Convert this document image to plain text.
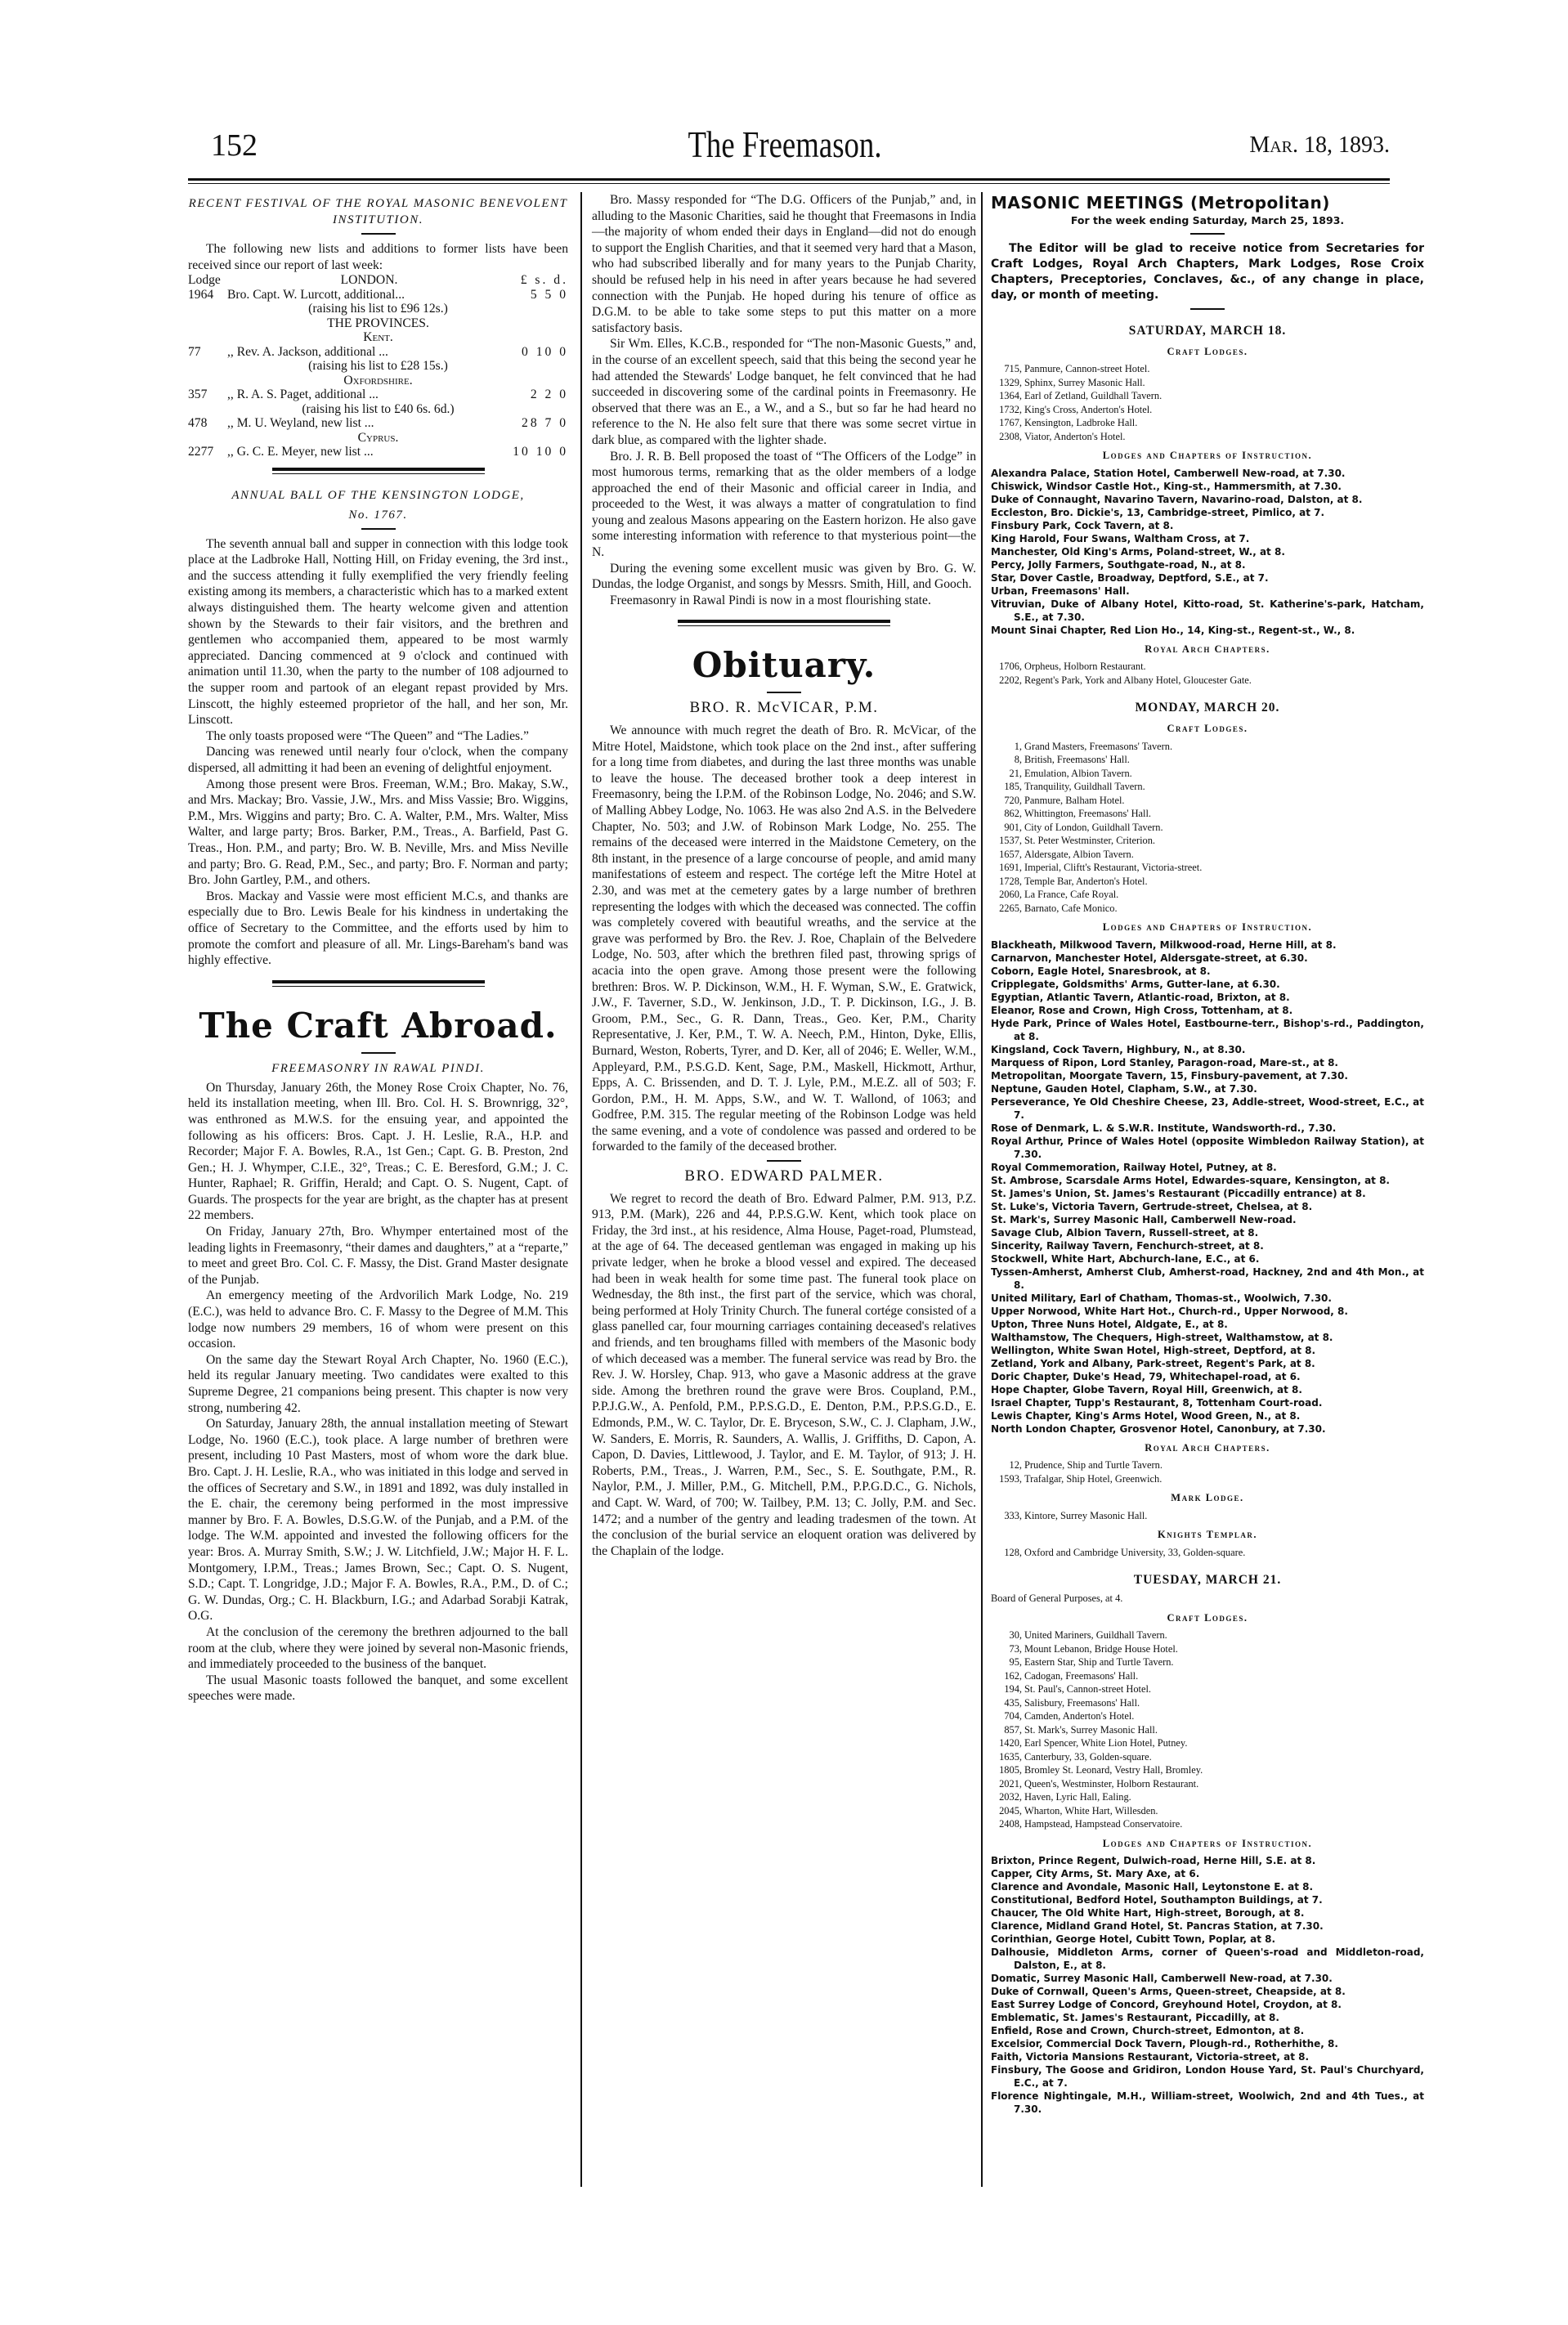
152	The Freemason.	Mar. 18, 1893.
RECENT FESTIVAL OF THE ROYAL MASONIC BENEVOLENT INSTITUTION.

The following new lists and additions to former lists have been received since our report of last week:

Lodge	LONDON.	£ s. d.
1964	Bro. Capt. W. Lurcott, additional...	5 5 0
(raising his list to £96 12s.)
THE PROVINCES.
Kent.
77	,, Rev. A. Jackson, additional ...	0 10 0
(raising his list to £28 15s.)
Oxfordshire.
357	,, R. A. S. Paget, additional ...	2 2 0
(raising his list to £40 6s. 6d.)
478	,, M. U. Weyland, new list ...	28 7 0
Cyprus.
2277	,, G. C. E. Meyer, new list ...	10 10 0
ANNUAL BALL OF THE KENSINGTON LODGE,
No. 1767.

The seventh annual ball and supper in connection with this lodge took place at the Ladbroke Hall, Notting Hill, on Friday evening, the 3rd inst., and the success attending it fully exemplified the very friendly feeling existing among its members, a characteristic which has to a marked extent always distinguished them. The hearty welcome given and attention shown by the Stewards to their fair visitors, and the brethren and gentlemen who accompanied them, appeared to be most warmly appreciated. Dancing commenced at 9 o'clock and continued with animation until 11.30, when the party to the number of 108 adjourned to the supper room and partook of an elegant repast provided by Mrs. Linscott, the highly esteemed proprietor of the hall, and her son, Mr. Linscott.

The only toasts proposed were “The Queen” and “The Ladies.”

Dancing was renewed until nearly four o'clock, when the company dispersed, all admitting it had been an evening of delightful enjoyment.

Among those present were Bros. Freeman, W.M.; Bro. Makay, S.W., and Mrs. Mackay; Bro. Vassie, J.W., Mrs. and Miss Vassie; Bro. Wiggins, P.M., Mrs. Wiggins and party; Bro. C. A. Walter, P.M., Mrs. Walter, Miss Walter, and large party; Bros. Barker, P.M., Treas., A. Barfield, Past G. Treas., Hon. P.M., and party; Bro. W. B. Neville, Mrs. and Miss Neville and party; Bro. G. Read, P.M., Sec., and party; Bro. F. Norman and party; Bro. John Gartley, P.M., and others.

Bros. Mackay and Vassie were most efficient M.C.s, and thanks are especially due to Bro. Lewis Beale for his kindness in undertaking the office of Secretary to the Committee, and the efforts used by him to promote the comfort and pleasure of all. Mr. Lings-Bareham's band was highly effective.

The Craft Abroad.
FREEMASONRY IN RAWAL PINDI.

On Thursday, January 26th, the Money Rose Croix Chapter, No. 76, held its installation meeting, when Ill. Bro. Col. H. S. Brownrigg, 32°, was enthroned as M.W.S. for the ensuing year, and appointed the following as his officers: Bros. Capt. J. H. Leslie, R.A., H.P. and Recorder; Major F. A. Bowles, R.A., 1st Gen.; Capt. G. B. Preston, 2nd Gen.; H. J. Whymper, C.I.E., 32°, Treas.; C. E. Beresford, G.M.; J. C. Hunter, Raphael; R. Griffin, Herald; and Capt. O. S. Nugent, Capt. of Guards. The prospects for the year are bright, as the chapter has at present 22 members.

On Friday, January 27th, Bro. Whymper entertained most of the leading lights in Freemasonry, “their dames and daughters,” at a “reparte,” to meet and greet Bro. Col. C. F. Massy, the Dist. Grand Master designate of the Punjab.

An emergency meeting of the Ardvorilich Mark Lodge, No. 219 (E.C.), was held to advance Bro. C. F. Massy to the Degree of M.M. This lodge now numbers 29 members, 16 of whom were present on this occasion.

On the same day the Stewart Royal Arch Chapter, No. 1960 (E.C.), held its regular January meeting. Two candidates were exalted to this Supreme Degree, 21 companions being present. This chapter is now very strong, numbering 42.

On Saturday, January 28th, the annual installation meeting of Stewart Lodge, No. 1960 (E.C.), took place. A large number of brethren were present, including 10 Past Masters, most of whom wore the dark blue. Bro. Capt. J. H. Leslie, R.A., who was initiated in this lodge and served in the offices of Secretary and S.W., in 1891 and 1892, was duly installed in the E. chair, the ceremony being performed in the most impressive manner by Bro. F. A. Bowles, D.S.G.W. of the Punjab, and a P.M. of the lodge. The W.M. appointed and invested the following officers for the year: Bros. A. Murray Smith, S.W.; J. W. Litchfield, J.W.; Major H. F. L. Montgomery, I.P.M., Treas.; James Brown, Sec.; Capt. O. S. Nugent, S.D.; Capt. T. Longridge, J.D.; Major F. A. Bowles, R.A., P.M., D. of C.; G. W. Dundas, Org.; C. H. Blackburn, I.G.; and Adarbad Sorabji Katrak, O.G.

At the conclusion of the ceremony the brethren adjourned to the ball room at the club, where they were joined by several non-Masonic friends, and immediately proceeded to the business of the banquet.

The usual Masonic toasts followed the banquet, and some excellent speeches were made.

Bro. Massy responded for “The D.G. Officers of the Punjab,” and, in alluding to the Masonic Charities, said he thought that Freemasons in India—the majority of whom ended their days in England—did not do enough to support the English Charities, and that it seemed very hard that a Mason, who had subscribed liberally and for many years to the Punjab Charity, should be refused help in his need in after years because he had severed connection with the Punjab. He hoped during his tenure of office as D.G.M. to be able to take some steps to put this matter on a more satisfactory basis.

Sir Wm. Elles, K.C.B., responded for “The non-Masonic Guests,” and, in the course of an excellent speech, said that this being the second year he had attended the Stewards' Lodge banquet, he felt convinced that he had succeeded in discovering some of the cardinal points in Freemasonry. He observed that there was an E., a W., and a S., but so far he had heard no reference to the N. He also felt sure that there was some secret virtue in dark blue, as compared with the lighter shade.

Bro. J. R. B. Bell proposed the toast of “The Officers of the Lodge” in most humorous terms, remarking that as the older members of a lodge approached the end of their Masonic and official career in India, and proceeded to the West, it was always a matter of congratulation to find young and zealous Masons appearing on the Eastern horizon. He also gave some interesting information with reference to that mysterious point—the N.

During the evening some excellent music was given by Bro. G. W. Dundas, the lodge Organist, and songs by Messrs. Smith, Hill, and Gooch.

Freemasonry in Rawal Pindi is now in a most flourishing state.

Obituary.
BRO. R. McVICAR, P.M.

We announce with much regret the death of Bro. R. McVicar, of the Mitre Hotel, Maidstone, which took place on the 2nd inst., after suffering for a long time from diabetes, and during the last three months was unable to leave the house. The deceased brother took a deep interest in Freemasonry, being the I.P.M. of the Robinson Lodge, No. 2046; and S.W. of Malling Abbey Lodge, No. 1063. He was also 2nd A.S. in the Belvedere Chapter, No. 503; and J.W. of Robinson Mark Lodge, No. 255. The remains of the deceased were interred in the Maidstone Cemetery, on the 8th instant, in the presence of a large concourse of people, and amid many manifestations of esteem and respect. The cortége left the Mitre Hotel at 2.30, and was met at the cemetery gates by a large number of brethren representing the lodges with which the deceased was connected. The coffin was completely covered with beautiful wreaths, and the service at the grave was performed by Bro. the Rev. J. Roe, Chaplain of the Belvedere Lodge, No. 503, after which the brethren filed past, throwing sprigs of acacia into the open grave. Among those present were the following brethren: Bros. W. P. Dickinson, W.M., H. F. Wyman, S.W., E. Gratwick, J.W., F. Taverner, S.D., W. Jenkinson, J.D., T. P. Dickinson, I.G., J. B. Groom, P.M., Sec., G. R. Dann, Treas., Geo. Ker, P.M., Charity Representative, J. Ker, P.M., T. W. A. Neech, P.M., Hinton, Dyke, Ellis, Burnard, Weston, Roberts, Tyrer, and D. Ker, all of 2046; E. Weller, W.M., Appleyard, P.M., P.S.G.D. Kent, Sage, P.M., Maskell, Hickmott, Arthur, Epps, A. C. Brissenden, and D. T. J. Lyle, P.M., M.E.Z. all of 503; F. Gordon, P.M., H. M. Apps, S.W., and W. T. Wallond, of 1063; and Godfree, P.M. 315. The regular meeting of the Robinson Lodge was held the same evening, and a vote of condolence was passed and ordered to be forwarded to the family of the deceased brother.

BRO. EDWARD PALMER.

We regret to record the death of Bro. Edward Palmer, P.M. 913, P.Z. 913, P.M. (Mark), 226 and 44, P.P.S.G.W. Kent, which took place on Friday, the 3rd inst., at his residence, Alma House, Paget-road, Plumstead, at the age of 64. The deceased gentleman was engaged in making up his private ledger, when he broke a blood vessel and expired. The deceased had been in weak health for some time past. The funeral took place on Wednesday, the 8th inst., the first part of the service, which was choral, being performed at Holy Trinity Church. The funeral cortége consisted of a glass panelled car, four mourning carriages containing deceased's relatives and friends, and ten broughams filled with members of the Masonic body of which deceased was a member. The funeral service was read by Bro. the Rev. J. W. Horsley, Chap. 913, who gave a Masonic address at the grave side. Among the brethren round the grave were Bros. Coupland, P.M., P.P.J.G.W., A. Penfold, P.M., P.P.S.G.D., E. Denton, P.M., P.P.S.G.D., E. Edmonds, P.M., W. C. Taylor, Dr. E. Bryceson, S.W., C. J. Clapham, J.W., W. Sanders, E. Morris, R. Saunders, A. Wallis, J. Griffiths, D. Capon, A. Capon, D. Davies, Littlewood, J. Taylor, and E. M. Taylor, of 913; J. H. Roberts, P.M., Treas., J. Warren, P.M., Sec., S. E. Southgate, P.M., R. Naylor, P.M., J. Miller, P.M., G. Mitchell, P.M., P.P.G.D.C., G. Nichols, and Capt. W. Ward, of 700; W. Tailbey, P.M. 13; C. Jolly, P.M. and Sec. 1472; and a number of the gentry and leading tradesmen of the town. At the conclusion of the burial service an eloquent oration was delivered by the Chaplain of the lodge.

MASONIC MEETINGS (Metropolitan)
For the week ending Saturday, March 25, 1893.

The Editor will be glad to receive notice from Secretaries for Craft Lodges, Royal Arch Chapters, Mark Lodges, Rose Croix Chapters, Preceptories, Conclaves, &c., of any change in place, day, or month of meeting.

SATURDAY, MARCH 18.
Craft Lodges.
715, Panmure, Cannon-street Hotel.
1329, Sphinx, Surrey Masonic Hall.
1364, Earl of Zetland, Guildhall Tavern.
1732, King's Cross, Anderton's Hotel.
1767, Kensington, Ladbroke Hall.
2308, Viator, Anderton's Hotel.
Lodges and Chapters of Instruction.
Alexandra Palace, Station Hotel, Camberwell New-road, at 7.30.
Chiswick, Windsor Castle Hot., King-st., Hammersmith, at 7.30.
Duke of Connaught, Navarino Tavern, Navarino-road, Dalston, at 8.
Eccleston, Bro. Dickie's, 13, Cambridge-street, Pimlico, at 7.
Finsbury Park, Cock Tavern, at 8.
King Harold, Four Swans, Waltham Cross, at 7.
Manchester, Old King's Arms, Poland-street, W., at 8.
Percy, Jolly Farmers, Southgate-road, N., at 8.
Star, Dover Castle, Broadway, Deptford, S.E., at 7.
Urban, Freemasons' Hall.
Vitruvian, Duke of Albany Hotel, Kitto-road, St. Katherine's-park, Hatcham, S.E., at 7.30.
Mount Sinai Chapter, Red Lion Ho., 14, King-st., Regent-st., W., 8.
Royal Arch Chapters.
1706, Orpheus, Holborn Restaurant.
2202, Regent's Park, York and Albany Hotel, Gloucester Gate.
MONDAY, MARCH 20.
Craft Lodges.
1, Grand Masters, Freemasons' Tavern.
8, British, Freemasons' Hall.
21, Emulation, Albion Tavern.
185, Tranquility, Guildhall Tavern.
720, Panmure, Balham Hotel.
862, Whittington, Freemasons' Hall.
901, City of London, Guildhall Tavern.
1537, St. Peter Westminster, Criterion.
1657, Aldersgate, Albion Tavern.
1691, Imperial, Cliftt's Restaurant, Victoria-street.
1728, Temple Bar, Anderton's Hotel.
2060, La France, Cafe Royal.
2265, Barnato, Cafe Monico.
Lodges and Chapters of Instruction.
Blackheath, Milkwood Tavern, Milkwood-road, Herne Hill, at 8.
Carnarvon, Manchester Hotel, Aldersgate-street, at 6.30.
Coborn, Eagle Hotel, Snaresbrook, at 8.
Cripplegate, Goldsmiths' Arms, Gutter-lane, at 6.30.
Egyptian, Atlantic Tavern, Atlantic-road, Brixton, at 8.
Eleanor, Rose and Crown, High Cross, Tottenham, at 8.
Hyde Park, Prince of Wales Hotel, Eastbourne-terr., Bishop's-rd., Paddington, at 8.
Kingsland, Cock Tavern, Highbury, N., at 8.30.
Marquess of Ripon, Lord Stanley, Paragon-road, Mare-st., at 8.
Metropolitan, Moorgate Tavern, 15, Finsbury-pavement, at 7.30.
Neptune, Gauden Hotel, Clapham, S.W., at 7.30.
Perseverance, Ye Old Cheshire Cheese, 23, Addle-street, Wood-street, E.C., at 7.
Rose of Denmark, L. & S.W.R. Institute, Wandsworth-rd., 7.30.
Royal Arthur, Prince of Wales Hotel (opposite Wimbledon Railway Station), at 7.30.
Royal Commemoration, Railway Hotel, Putney, at 8.
St. Ambrose, Scarsdale Arms Hotel, Edwardes-square, Kensington, at 8.
St. James's Union, St. James's Restaurant (Piccadilly entrance) at 8.
St. Luke's, Victoria Tavern, Gertrude-street, Chelsea, at 8.
St. Mark's, Surrey Masonic Hall, Camberwell New-road.
Savage Club, Albion Tavern, Russell-street, at 8.
Sincerity, Railway Tavern, Fenchurch-street, at 8.
Stockwell, White Hart, Abchurch-lane, E.C., at 6.
Tyssen-Amherst, Amherst Club, Amherst-road, Hackney, 2nd and 4th Mon., at 8.
United Military, Earl of Chatham, Thomas-st., Woolwich, 7.30.
Upper Norwood, White Hart Hot., Church-rd., Upper Norwood, 8.
Upton, Three Nuns Hotel, Aldgate, E., at 8.
Walthamstow, The Chequers, High-street, Walthamstow, at 8.
Wellington, White Swan Hotel, High-street, Deptford, at 8.
Zetland, York and Albany, Park-street, Regent's Park, at 8.
Doric Chapter, Duke's Head, 79, Whitechapel-road, at 6.
Hope Chapter, Globe Tavern, Royal Hill, Greenwich, at 8.
Israel Chapter, Tupp's Restaurant, 8, Tottenham Court-road.
Lewis Chapter, King's Arms Hotel, Wood Green, N., at 8.
North London Chapter, Grosvenor Hotel, Canonbury, at 7.30.
Royal Arch Chapters.
12, Prudence, Ship and Turtle Tavern.
1593, Trafalgar, Ship Hotel, Greenwich.
Mark Lodge.
333, Kintore, Surrey Masonic Hall.
Knights Templar.
128, Oxford and Cambridge University, 33, Golden-square.
TUESDAY, MARCH 21.
Board of General Purposes, at 4.
Craft Lodges.
30, United Mariners, Guildhall Tavern.
73, Mount Lebanon, Bridge House Hotel.
95, Eastern Star, Ship and Turtle Tavern.
162, Cadogan, Freemasons' Hall.
194, St. Paul's, Cannon-street Hotel.
435, Salisbury, Freemasons' Hall.
704, Camden, Anderton's Hotel.
857, St. Mark's, Surrey Masonic Hall.
1420, Earl Spencer, White Lion Hotel, Putney.
1635, Canterbury, 33, Golden-square.
1805, Bromley St. Leonard, Vestry Hall, Bromley.
2021, Queen's, Westminster, Holborn Restaurant.
2032, Haven, Lyric Hall, Ealing.
2045, Wharton, White Hart, Willesden.
2408, Hampstead, Hampstead Conservatoire.
Lodges and Chapters of Instruction.
Brixton, Prince Regent, Dulwich-road, Herne Hill, S.E. at 8.
Capper, City Arms, St. Mary Axe, at 6.
Clarence and Avondale, Masonic Hall, Leytonstone E. at 8.
Constitutional, Bedford Hotel, Southampton Buildings, at 7.
Chaucer, The Old White Hart, High-street, Borough, at 8.
Clarence, Midland Grand Hotel, St. Pancras Station, at 7.30.
Corinthian, George Hotel, Cubitt Town, Poplar, at 8.
Dalhousie, Middleton Arms, corner of Queen's-road and Middleton-road, Dalston, E., at 8.
Domatic, Surrey Masonic Hall, Camberwell New-road, at 7.30.
Duke of Cornwall, Queen's Arms, Queen-street, Cheapside, at 8.
East Surrey Lodge of Concord, Greyhound Hotel, Croydon, at 8.
Emblematic, St. James's Restaurant, Piccadilly, at 8.
Enfield, Rose and Crown, Church-street, Edmonton, at 8.
Excelsior, Commercial Dock Tavern, Plough-rd., Rotherhithe, 8.
Faith, Victoria Mansions Restaurant, Victoria-street, at 8.
Finsbury, The Goose and Gridiron, London House Yard, St. Paul's Churchyard, E.C., at 7.
Florence Nightingale, M.H., William-street, Woolwich, 2nd and 4th Tues., at 7.30.
